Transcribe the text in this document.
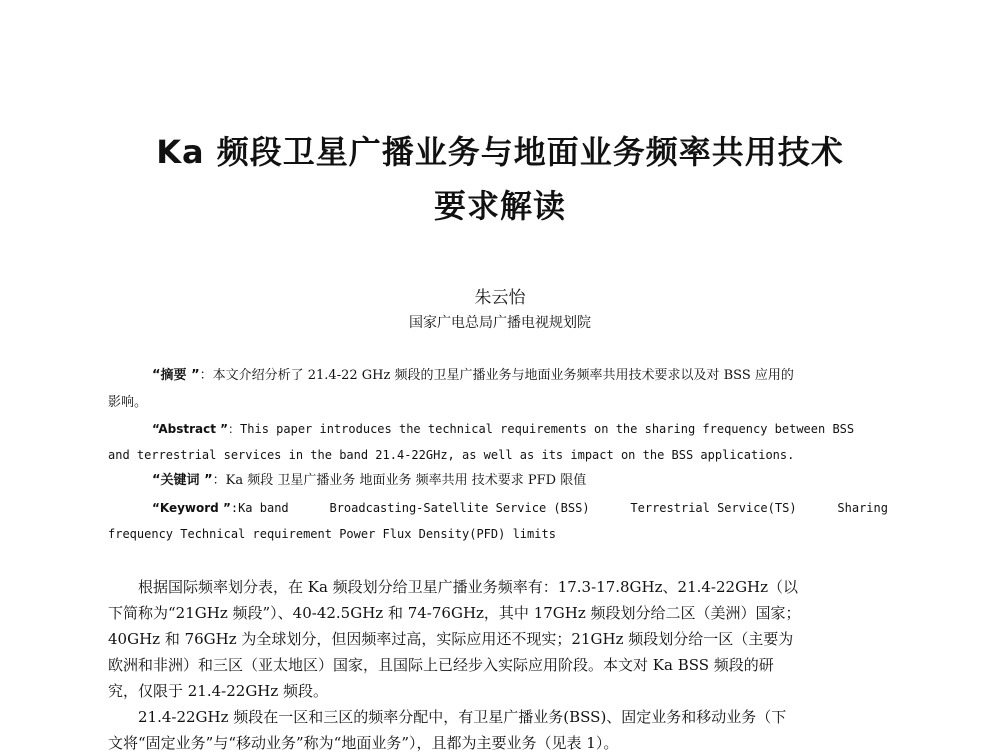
Ka 频段卫星广播业务与地面业务频率共用技术
要求解读
朱云怡
国家广电总局广播电视规划院
“摘要 ”：本文介绍分析了 21.4-22 GHz 频段的卫星广播业务与地面业务频率共用技术要求以及对 BSS 应用的
影响。
“Abstract ”：This paper introduces the technical requirements on the sharing frequency between BSS
and terrestrial services in the band 21.4-22GHz, as well as its impact on the BSS applications.
“关键词 ”：Ka 频段 卫星广播业务 地面业务 频率共用 技术要求 PFD 限值
“Keyword ”:Ka band	Broadcasting-Satellite Service (BSS)	Terrestrial Service(TS)	Sharing
frequency Technical requirement Power Flux Density(PFD) limits
　　根据国际频率划分表，在 Ka 频段划分给卫星广播业务频率有：17.3-17.8GHz、21.4-22GHz（以
下简称为“21GHz 频段”）、40-42.5GHz 和 74-76GHz，其中 17GHz 频段划分给二区（美洲）国家；
40GHz 和 76GHz 为全球划分，但因频率过高，实际应用还不现实；21GHz 频段划分给一区（主要为
欧洲和非洲）和三区（亚太地区）国家，且国际上已经步入实际应用阶段。本文对 Ka BSS 频段的研
究，仅限于 21.4-22GHz 频段。
　　21.4-22GHz 频段在一区和三区的频率分配中，有卫星广播业务(BSS)、固定业务和移动业务（下
文将“固定业务”与“移动业务”称为“地面业务”），且都为主要业务（见表 1）。
